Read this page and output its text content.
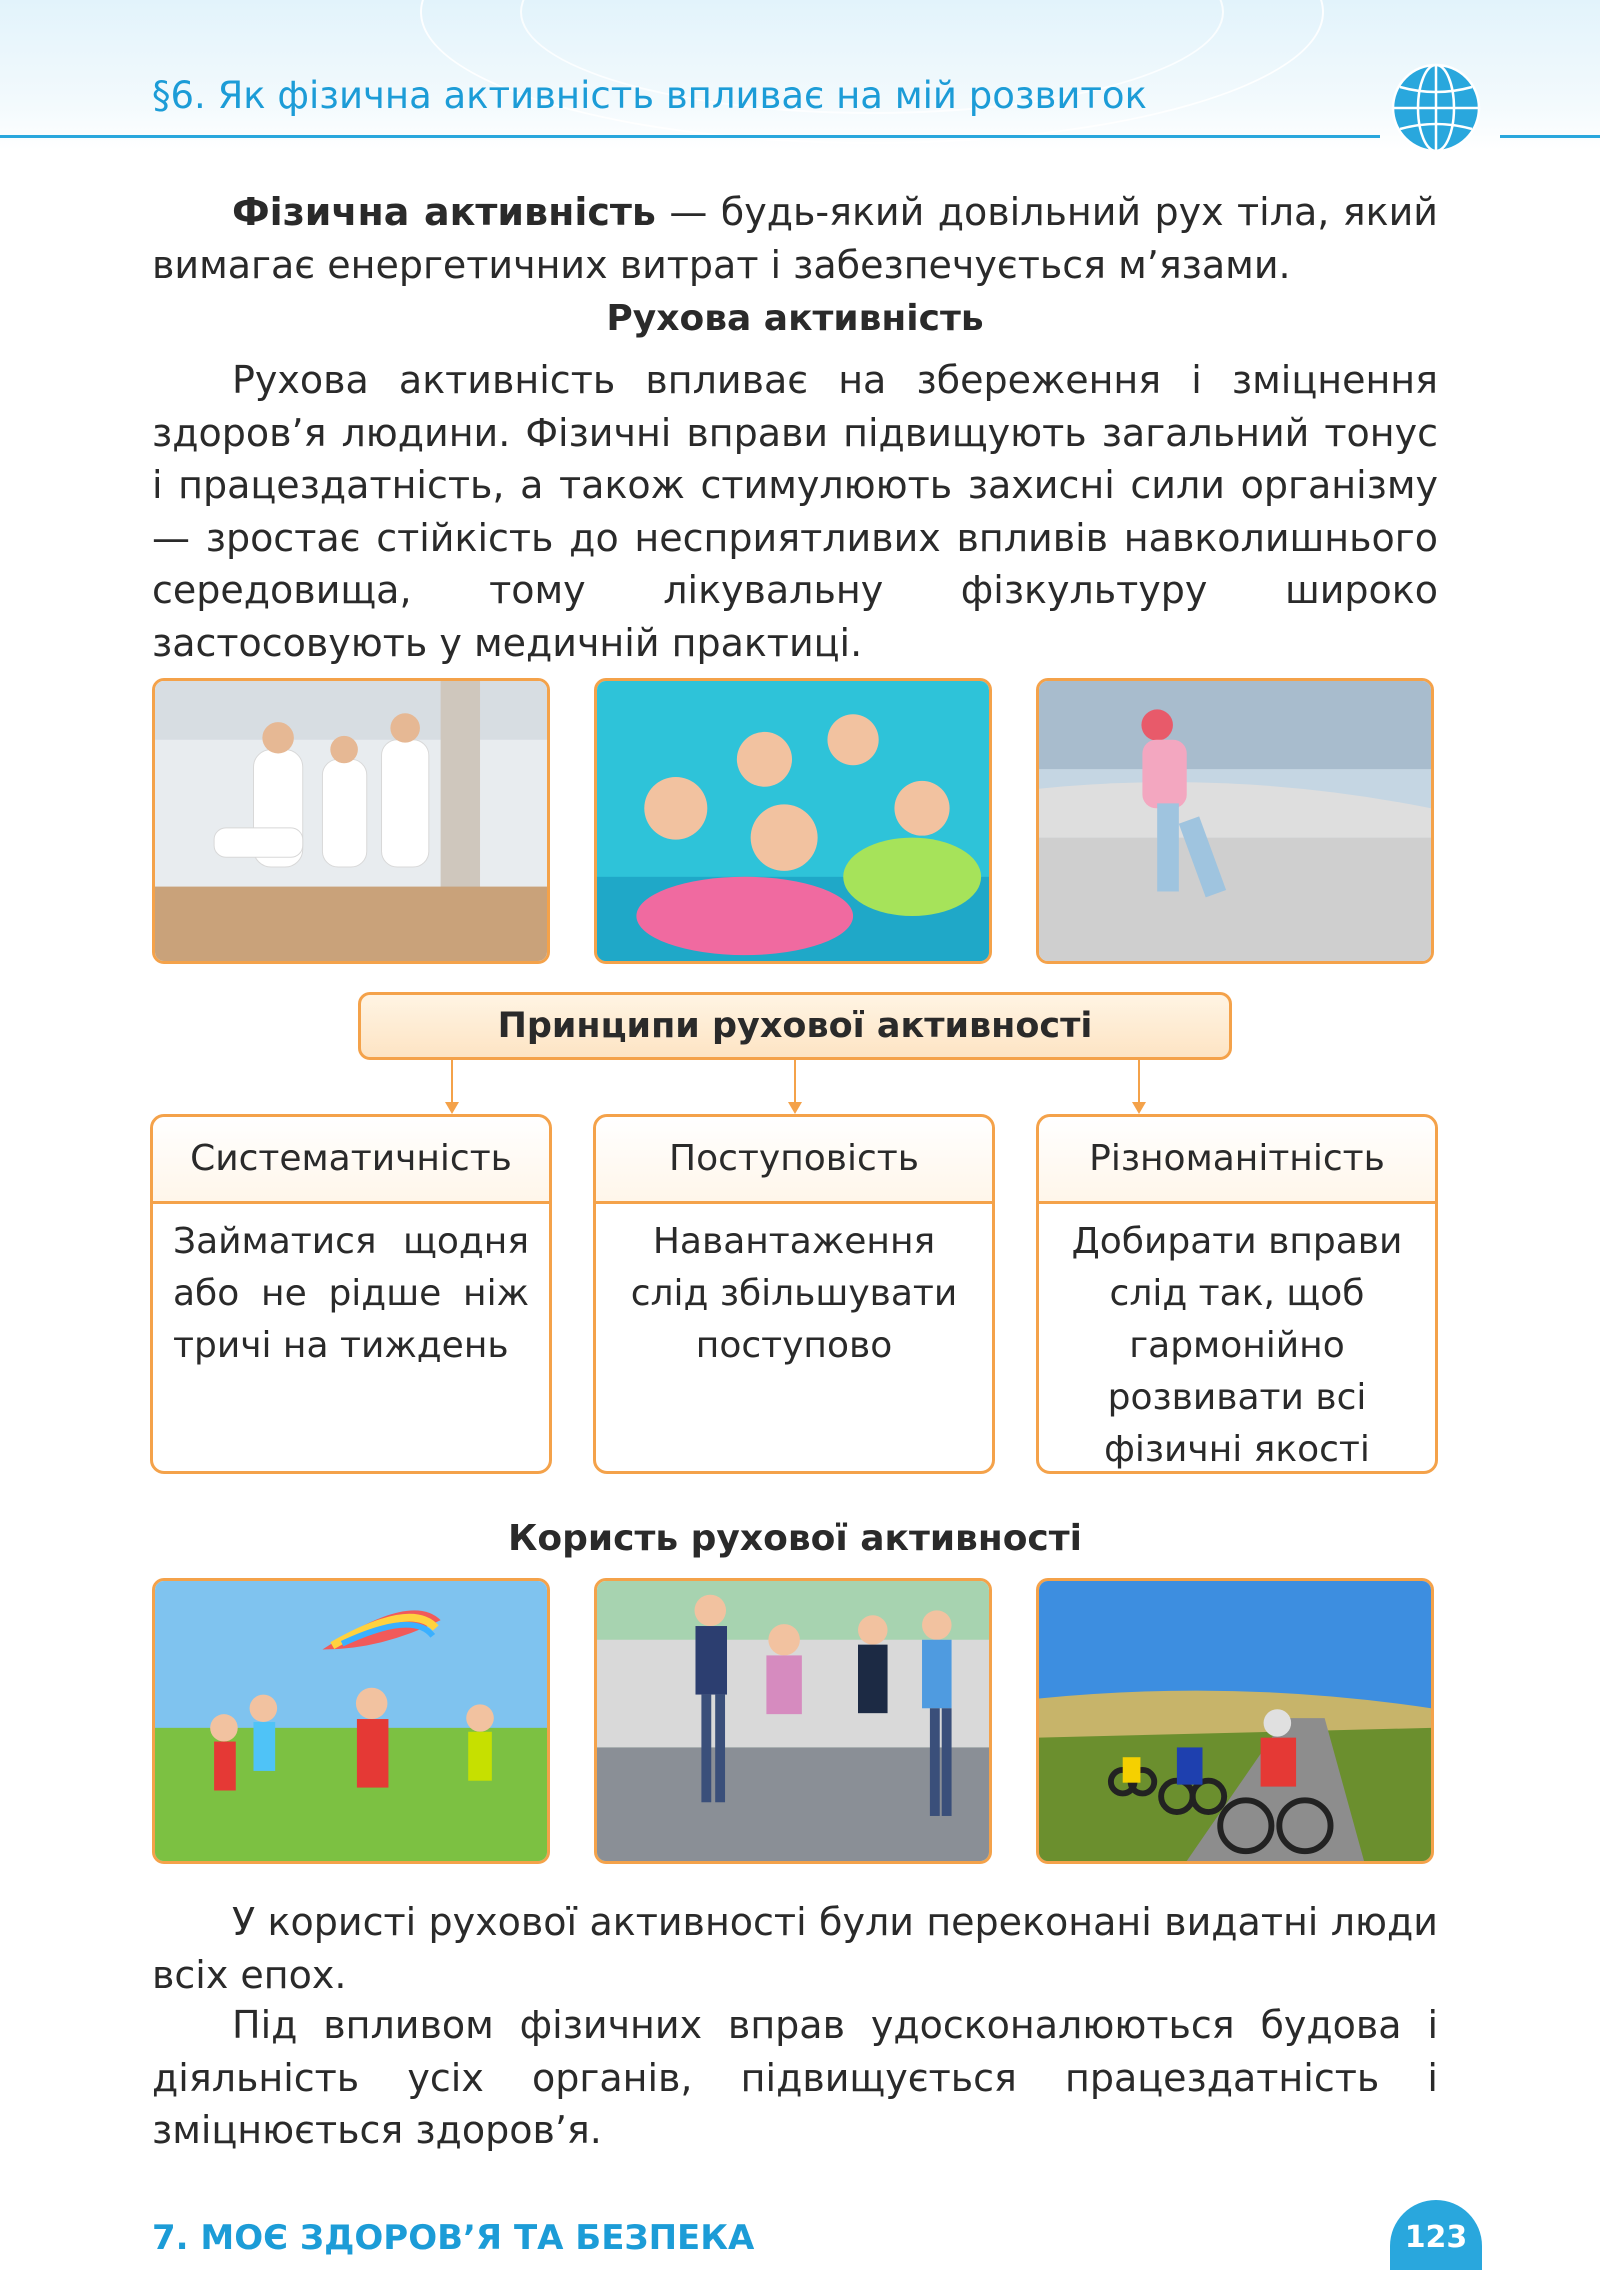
§6. Як фізична активність впливає на мій розвиток

Фізична активність — будь-який довільний рух тіла, який вимагає енергетичних витрат і забезпечується м’язами.

Рухова активність

Рухова активність впливає на збереження і зміцнення здоров’я людини. Фізичні вправи підвищують загальний тонус і працездатність, а також стимулюють захисні сили організму — зростає стійкість до несприятливих впливів навколишнього середовища, тому лікувальну фізкультуру широко застосовують у медичній практиці.

Принципи рухової активності
Систематичність
Займатися щодня або не рідше ніж тричі на тиждень
Поступовість
Навантаження слід збільшувати поступово
Різноманітність
Добирати вправи слід так, щоб гармонійно розвивати всі фізичні якості
Користь рухової активності

У користі рухової активності були переконані видатні люди всіх епох.

Під впливом фізичних вправ удосконалюються будова і діяльність усіх органів, підвищується працездатність і зміцнюється здоров’я.

7. МОЄ ЗДОРОВ’Я ТА БЕЗПЕКА	123
